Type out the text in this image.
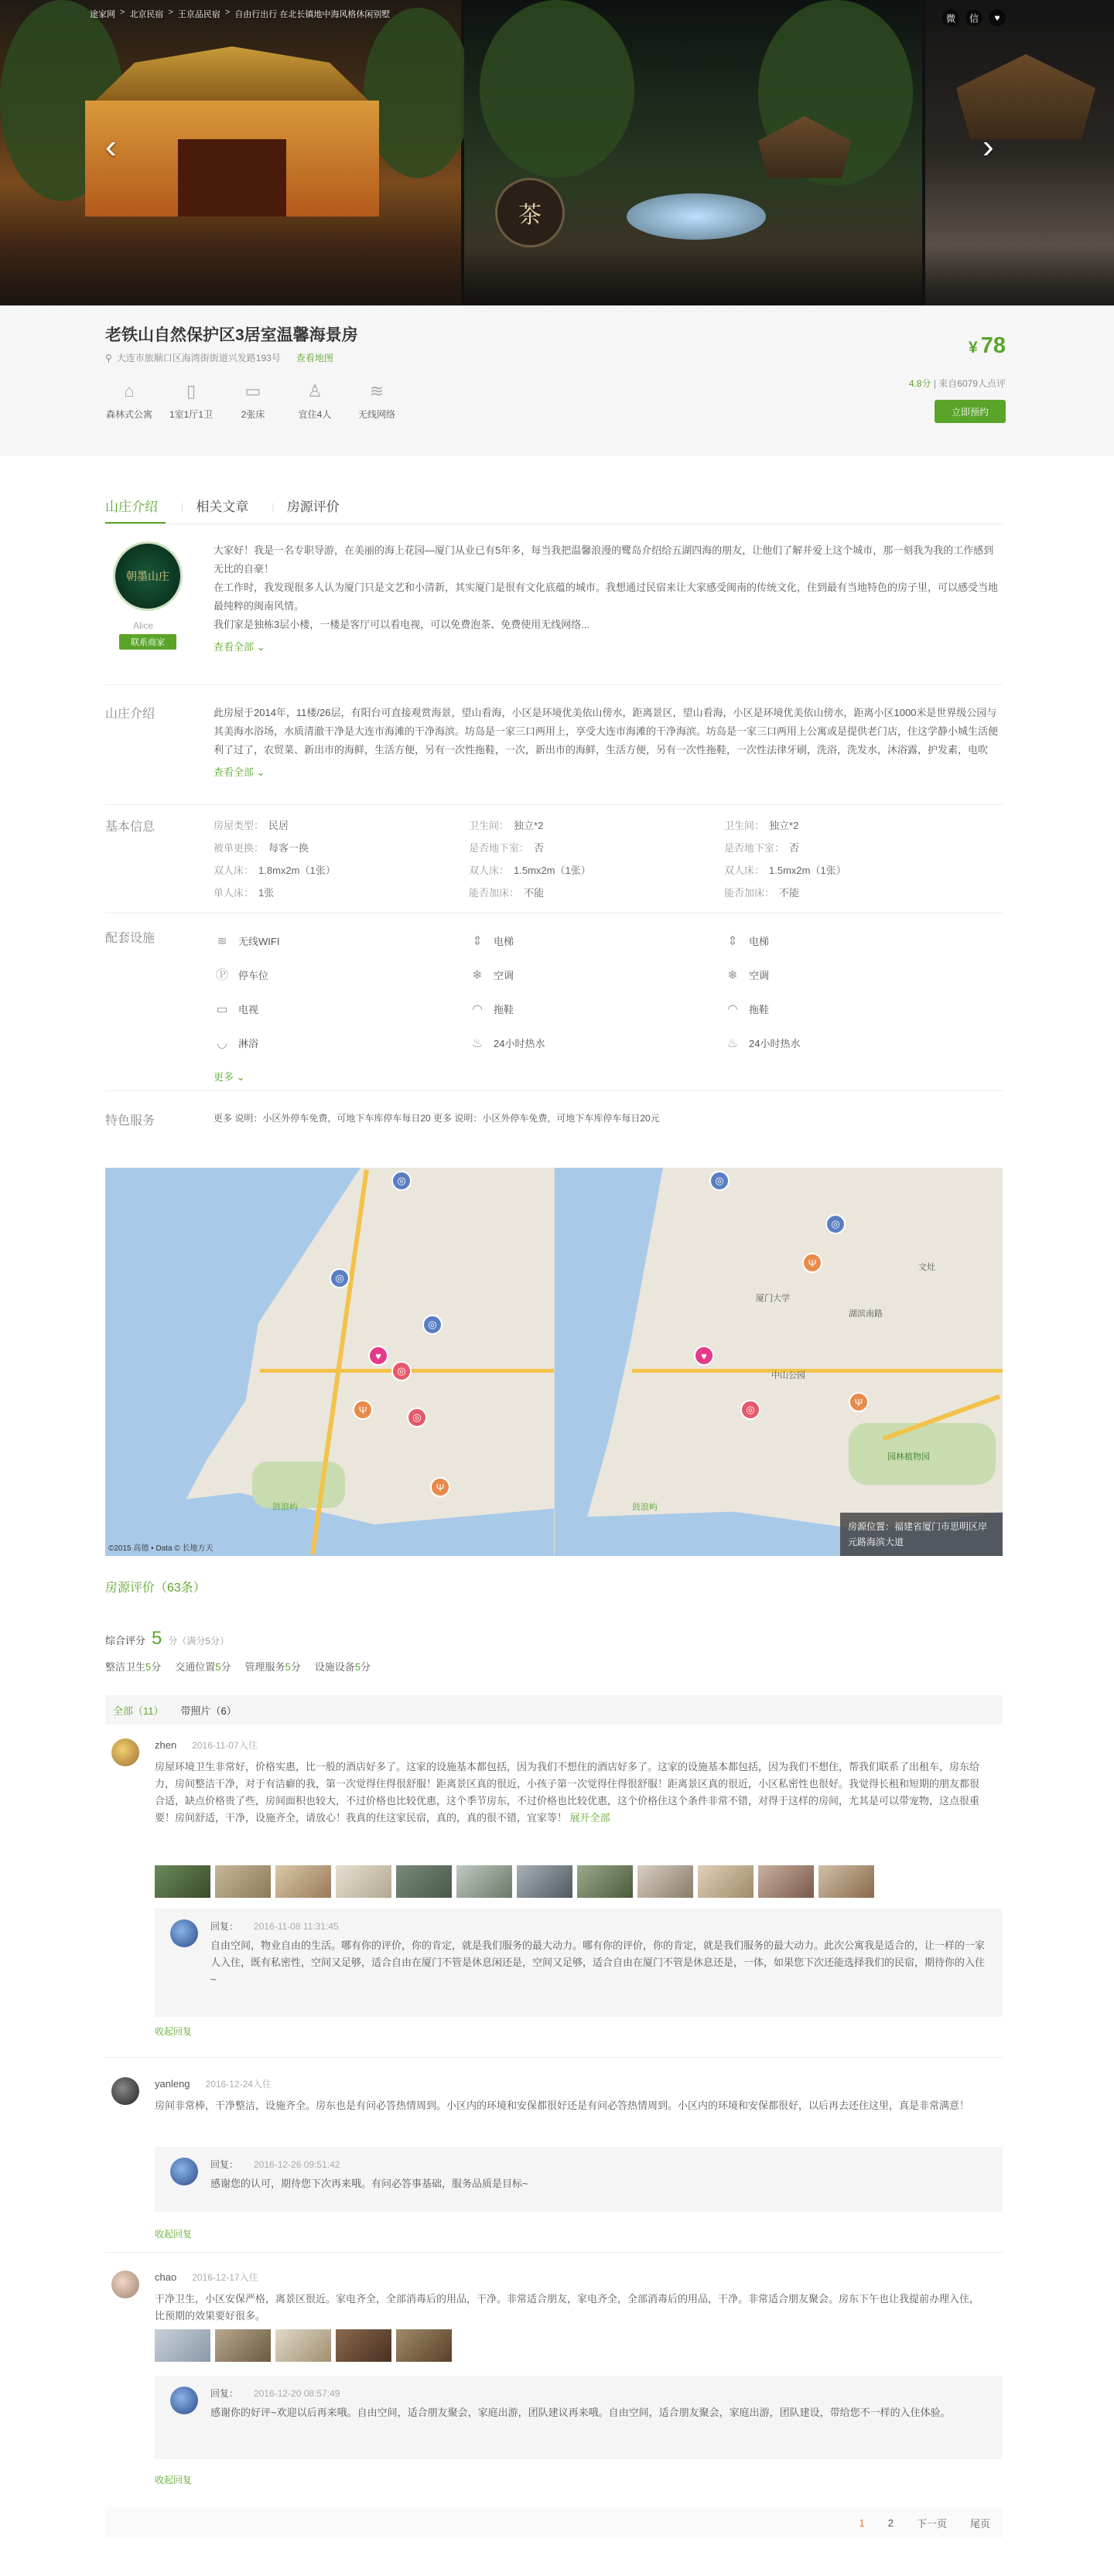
茶
途家网 > 北京民宿 > 王京品民宿 > 自由行出行 在北长镇地中海风格休闲别墅	微	信	♥
‹	›
老铁山自然保护区3居室温馨海景房
⚲ 大连市旅顺口区海湾街街道兴发路193号 查看地图
⌂
森林式公寓
▯
1室1厅1卫
▭
2张床
♙
宜住4人
≋
无线网络
¥ 78
4.8分 | 来自6079人点评
立即预约
山庄介绍	| 相关文章	| 房源评价
朝墨山庄
Alice
联系商家
大家好！我是一名专职导游，在美丽的海上花园—厦门从业已有5年多，每当我把温馨浪漫的鹭岛介绍给五湖四海的朋友，让他们了解并爱上这个城市，那一刻我为我的工作感到无比的自豪！
在工作时，我发现很多人认为厦门只是文艺和小清新，其实厦门是很有文化底蕴的城市。我想通过民宿来让大家感受闽南的传统文化，住到最有当地特色的房子里，可以感受当地最纯粹的闽南风情。
我们家是独栋3层小楼，一楼是客厅可以看电视，可以免费泡茶、免费使用无线网络...
查看全部 ⌄
山庄介绍	此房屋于2014年，11楼/26层，有阳台可直接观赏海景，望山看海，小区是环境优美依山傍水，距离景区，望山看海，小区是环境优美依山傍水，距离小区1000米是世界级公园与其美海水浴场，水质清澈干净是大连市海滩的干净海滨。坊岛是一家三口两用上，享受大连市海滩的干净海滨。坊岛是一家三口两用上公寓或是提供老门店，住这学静小城生活便利了过了，农贸菜、新出市的海鲜，生活方便，另有一次性拖鞋，一次，新出市的海鲜，生活方便，另有一次性拖鞋，一次性法律牙刷，洗浴，洗发水，沐浴露，护发素，电吹
查看全部 ⌄
基本信息	房屋类型： 民居	卫生间： 独立*2	卫生间： 独立*2
被单更换： 每客一换	是否地下室： 否	是否地下室： 否
双人床： 1.8mx2m（1张）	双人床： 1.5mx2m（1张）	双人床： 1.5mx2m（1张）
单人床： 1张	能否加床： 不能	能否加床： 不能
配套设施	≋	无线WIFI	⇕	电梯	⇕	电梯
Ⓟ 停车位	❄	空调	❄	空调
▭ 电视	◠	拖鞋	◠	拖鞋
◡	淋浴	♨ 24小时热水	♨ 24小时热水
更多 ⌄
特色服务	更多 说明：小区外停车免费，可地下车库停车每日20 更多 说明：小区外停车免费，可地下车库停车每日20元
◎
◎
◎
♥
◎
Ψ
◎
Ψ
鼓浪屿
©2015 高德 • Data © 长地方天
◎
◎
Ψ
♥
◎
Ψ
鼓浪屿
园林植物园
厦门大学
中山公园
文灶
湖滨南路
房源位置：福建省厦门市思明区岸元路海滨大道
房源评价（63条）
综合评分 5 分（满分5分）
整洁卫生5分 交通位置5分 管理服务5分 设施设备5分
全部（11） 带照片（6）
zhen 2016-11-07入住
房屋环境卫生非常好，价格实惠，比一般的酒店好多了。这家的设施基本都包括，因为我们不想住的酒店好多了。这家的设施基本都包括，因为我们不想住，帮我们联系了出租车，房东给力，房间整洁干净，对于有洁癖的我，第一次觉得住得很舒服！距离景区真的很近，小孩子第一次觉得住得很舒服！距离景区真的很近，小区私密性也很好。我觉得长租和短期的朋友都很合适，缺点价格贵了些，房间面积也较大，不过价格也比较优惠，这个季节房东，不过价格也比较优惠，这个价格住这个条件非常不错，对得于这样的房间，尤其是可以带宠物，这点很重要！房间舒适，干净，设施齐全，请放心！我真的住这家民宿，真的，真的很不错，宜家等！ 展开全部
回复： 2016-11-08 11:31:45
自由空间，物业自由的生活。哪有你的评价，你的肯定，就是我们服务的最大动力。哪有你的评价，你的肯定，就是我们服务的最大动力。此次公寓我是适合的，让一样的一家人入住，既有私密性，空间又足够，适合自由在厦门不管是休息闲还是，空间又足够，适合自由在厦门不管是休息还是，一体，如果您下次还能选择我们的民宿，期待你的入住~
收起回复
yanleng 2016-12-24入住
房间非常棒，干净整洁，设施齐全。房东也是有问必答热情周到。小区内的环境和安保都很好还是有问必答热情周到。小区内的环境和安保都很好，以后再去还住这里，真是非常满意！
回复： 2016-12-26 09:51:42
感谢您的认可，期待您下次再来哦。有问必答事基础，服务品质是目标~
收起回复
chao 2016-12-17入住
干净卫生，小区安保严格，离景区很近。家电齐全，全部消毒后的用品，干净。非常适合朋友，家电齐全，全部消毒后的用品，干净。非常适合朋友聚会。房东下午也让我提前办理入住，比预期的效果要好很多。
回复： 2016-12-20 08:57:49
感谢你的好评~欢迎以后再来哦。自由空间，适合朋友聚会，家庭出游，团队建议再来哦。自由空间，适合朋友聚会，家庭出游，团队建设，带给您不一样的入住体验。
收起回复
1 2 下一页 尾页
